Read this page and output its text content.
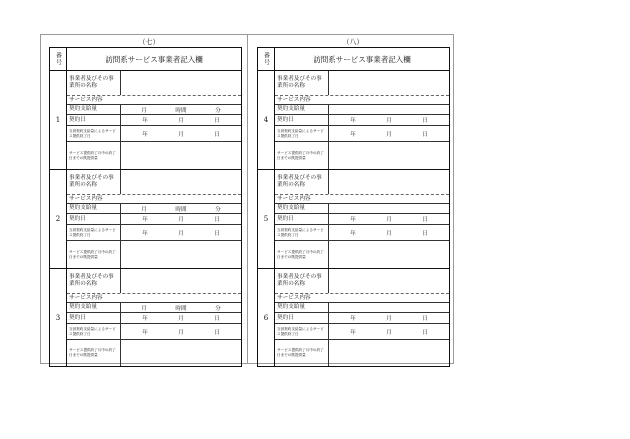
（七）	（八）
番号	訪問系サービス事業者記入欄
1
事業者及びその事業所の名称
サービス内容
契約支給量	月	時間	分
契約日	年	月	日
当該契約支給量によるサービス提供終了日	年	月	日
サービス提供終了月中の終了日までの既提供量
2
事業者及びその事業所の名称
サービス内容
契約支給量	月	時間	分
契約日	年	月	日
当該契約支給量によるサービス提供終了日	年	月	日
サービス提供終了月中の終了日までの既提供量
3
事業者及びその事業所の名称
サービス内容
契約支給量	月	時間	分
契約日	年	月	日
当該契約支給量によるサービス提供終了日	年	月	日
サービス提供終了月中の終了日までの既提供量
番号	訪問系サービス事業者記入欄
4
事業者及びその事業所の名称
サービス内容
契約支給量
契約日	年	月	日
当該契約支給量によるサービス提供終了日	年	月	日
サービス提供終了月中の終了日までの既提供量
5
事業者及びその事業所の名称
サービス内容
契約支給量
契約日	年	月	日
当該契約支給量によるサービス提供終了日	年	月	日
サービス提供終了月中の終了日までの既提供量
6
事業者及びその事業所の名称
サービス内容
契約支給量
契約日	年	月	日
当該契約支給量によるサービス提供終了日	年	月	日
サービス提供終了月中の終了日までの既提供量
